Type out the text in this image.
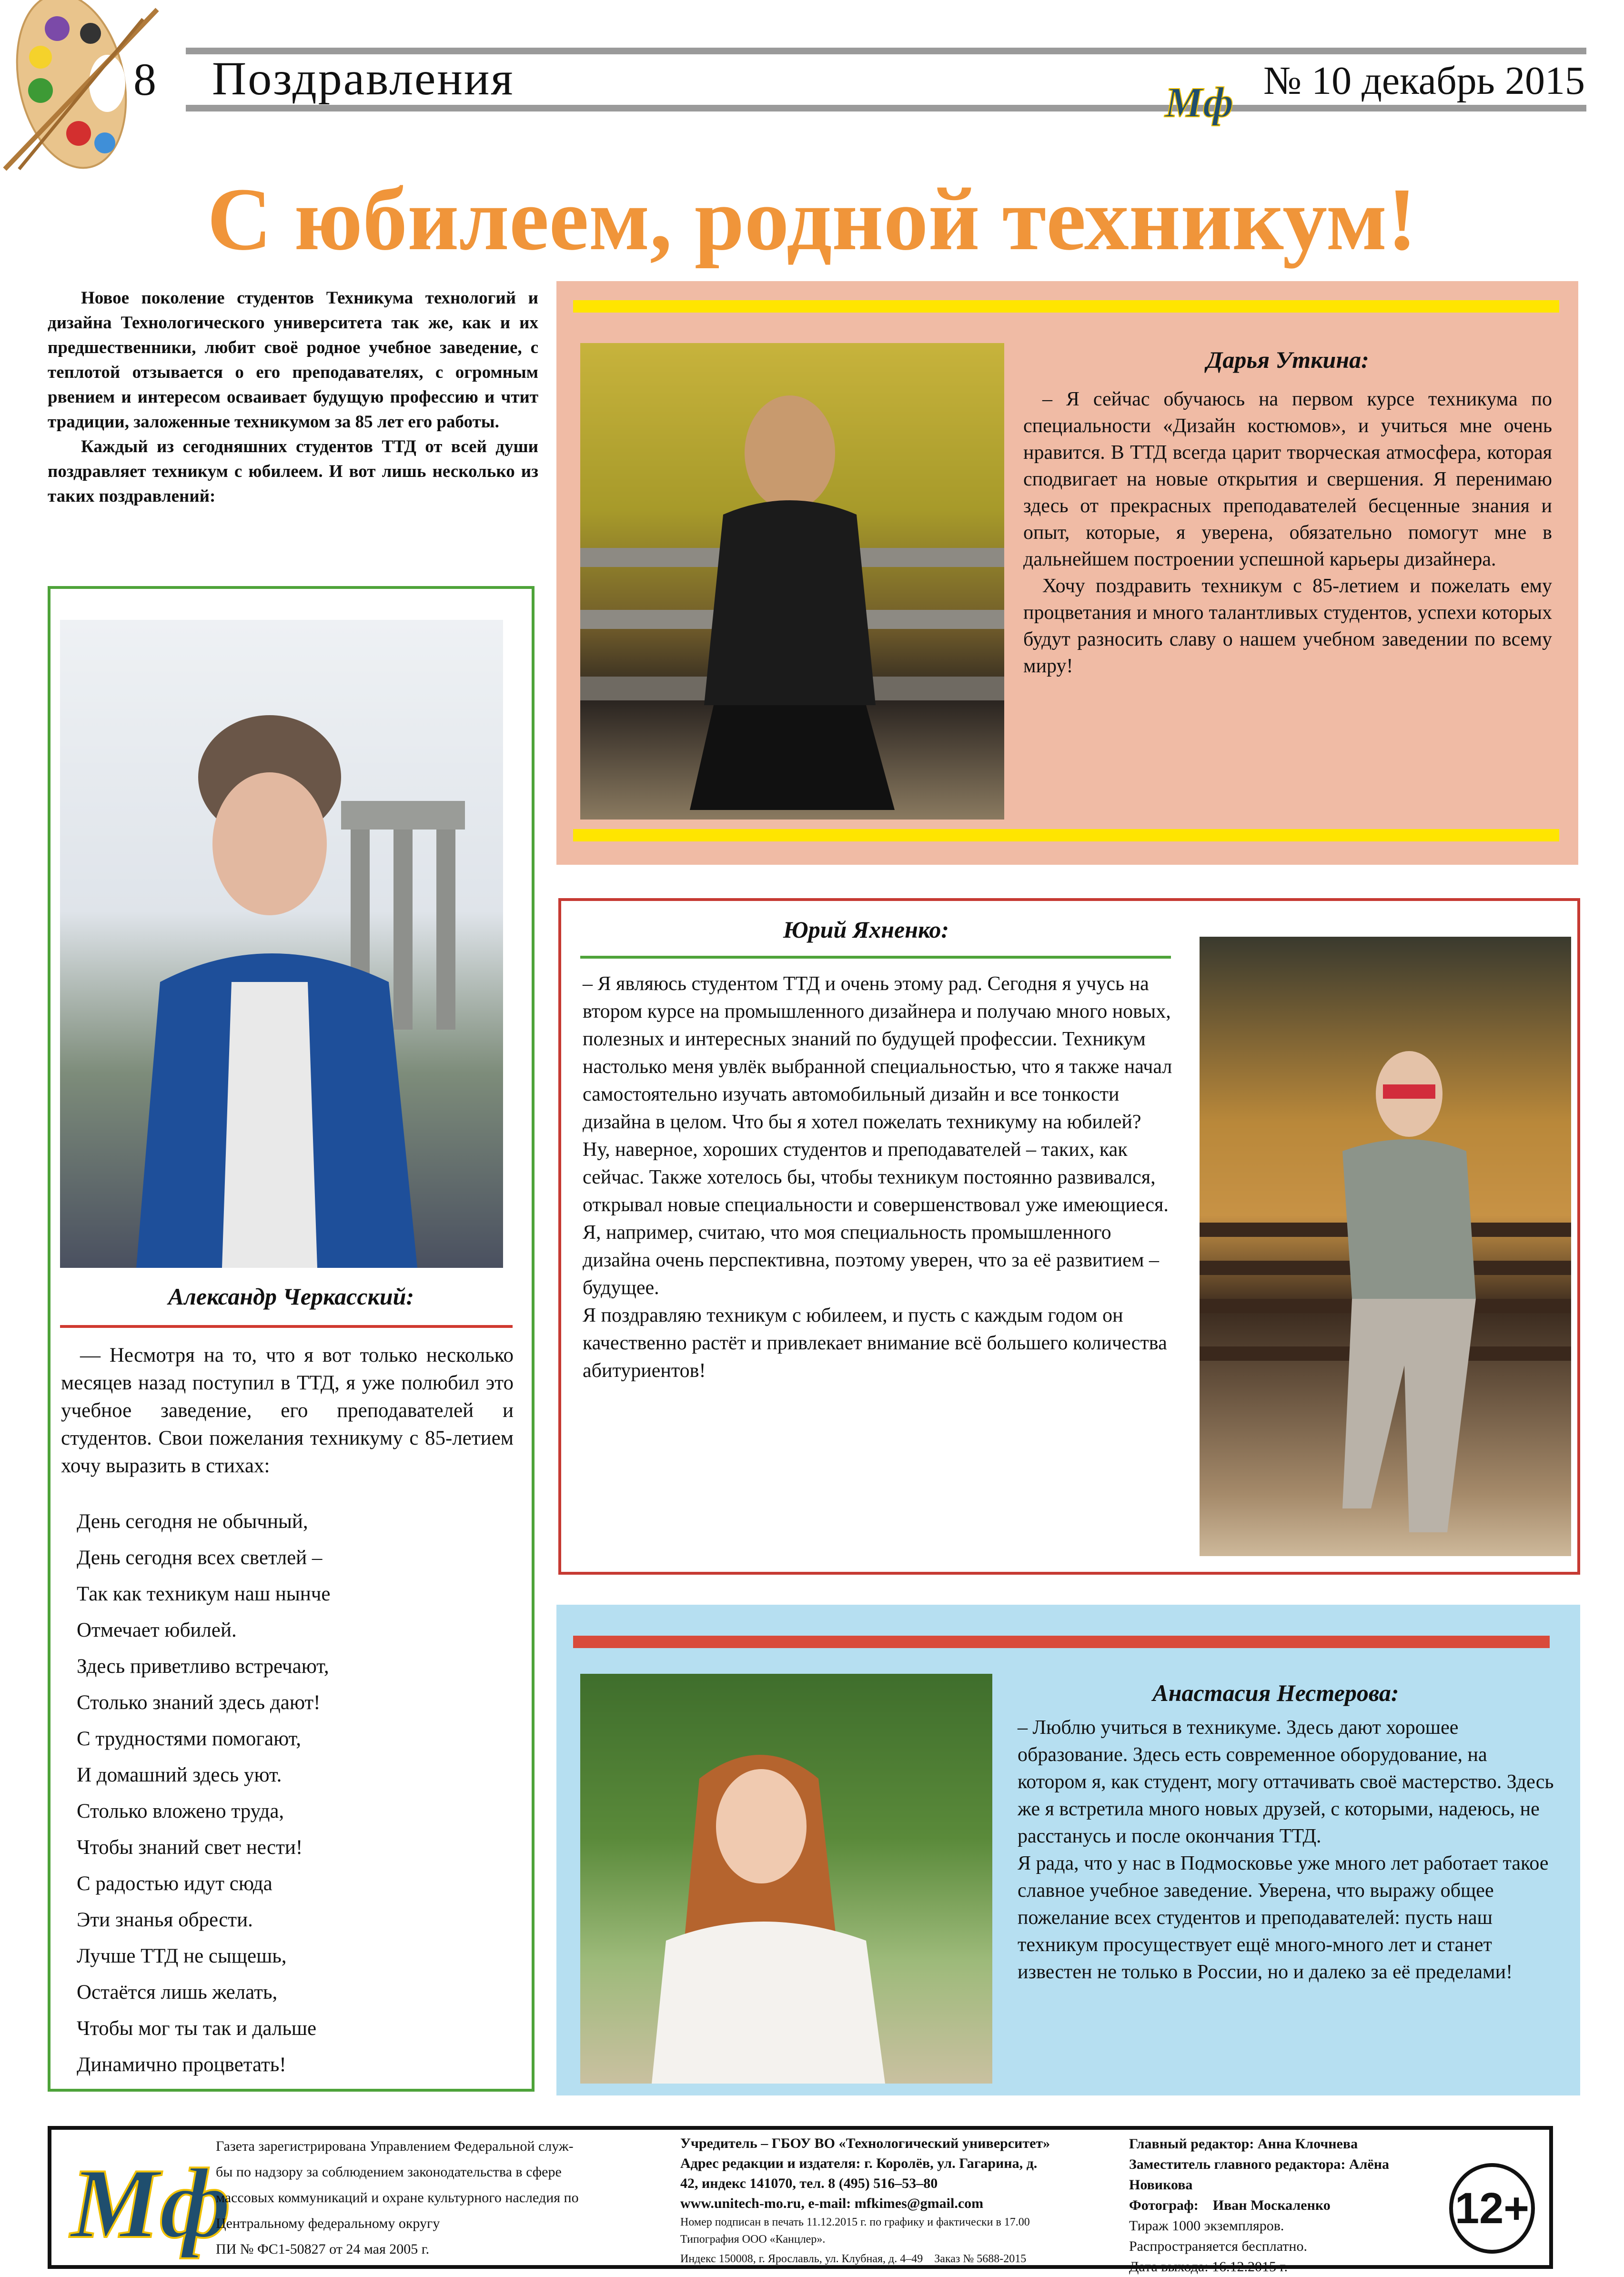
8 Поздравления	Мф № 10 декабрь 2015
С юбилеем, родной техникум!

Новое поколение студентов Техникума технологий и дизайна Технологического университета так же, как и их предшественники, любит своё родное учебное заведение, с теплотой отзывается о его преподавателях, с огромным рвением и интересом осваивает будущую профессию и чтит традиции, заложенные техникумом за 85 лет его работы.

Каждый из сегодняшних студентов ТТД от всей души поздравляет техникум с юбилеем. И вот лишь несколько из таких поздравлений:

Дарья Уткина:

– Я сейчас обучаюсь на первом курсе техникума по специальности «Дизайн костюмов», и учиться мне очень нравится. В ТТД всегда царит творческая атмосфера, которая сподвигает на новые открытия и свершения. Я перенимаю здесь от прекрасных преподавателей бесценные знания и опыт, которые, я уверена, обязательно помогут мне в дальнейшем построении успешной карьеры дизайнера.

Хочу поздравить техникум с 85-летием и пожелать ему процветания и много талантливых студентов, успехи которых будут разносить славу о нашем учебном заведении по всему миру!

Александр Черкасский:

— Несмотря на то, что я вот только несколько месяцев назад поступил в ТТД, я уже полюбил это учебное заведение, его преподавателей и студентов. Свои пожелания техникуму с 85-летием хочу выразить в стихах:

День сегодня не обычный,
День сегодня всех светлей –
Так как техникум наш нынче
Отмечает юбилей.
Здесь приветливо встречают,
Столько знаний здесь дают!
С трудностями помогают,
И домашний здесь уют.
Столько вложено труда,
Чтобы знаний свет нести!
С радостью идут сюда
Эти знанья обрести.
Лучше ТТД не сыщешь,
Остаётся лишь желать,
Чтобы мог ты так и дальше
Динамично процветать!
Юрий Яхненко:

– Я являюсь студентом ТТД и очень этому рад. Сегодня я учусь на втором курсе на промышленного дизайнера и получаю много новых, полезных и интересных знаний по будущей профессии. Техникум настолько меня увлёк выбранной специальностью, что я также начал самостоятельно изучать автомобильный дизайн и все тонкости дизайна в целом. Что бы я хотел пожелать техникуму на юбилей? Ну, наверное, хороших студентов и преподавателей – таких, как сейчас. Также хотелось бы, чтобы техникум постоянно развивался, открывал новые специальности и совершенствовал уже имеющиеся. Я, например, считаю, что моя специальность промышленного дизайна очень перспективна, поэтому уверен, что за её развитием – будущее.

Я поздравляю техникум с юбилеем, и пусть с каждым годом он качественно растёт и привлекает внимание всё большего количества абитуриентов!

Анастасия Нестерова:

– Люблю учиться в техникуме. Здесь дают хорошее образование. Здесь есть современное оборудование, на котором я, как студент, могу оттачивать своё мастерство. Здесь же я встретила много новых друзей, с которыми, надеюсь, не расстанусь и после окончания ТТД.

Я рада, что у нас в Подмосковье уже много лет работает такое славное учебное заведение. Уверена, что выражу общее пожелание всех студентов и преподавателей: пусть наш техникум просуществует ещё много-много лет и станет известен не только в России, но и далеко за её пределами!

Мф
Газета зарегистрирована Управлением Федеральной служ-
бы по надзору за соблюдением законодательства в сфере
массовых коммуникаций и охране культурного наследия по
Центральному федеральному округу
ПИ № ФС1-50827 от 24 мая 2005 г.
Учредитель – ГБОУ ВО «Технологический университет»
Адрес редакции и издателя: г. Королёв, ул. Гагарина, д.
42, индекс 141070, тел. 8 (495) 516–53–80
www.unitech-mo.ru, e-mail: mfkimes@gmail.com
Номер подписан в печать 11.12.2015 г. по графику и фактически в 17.00
Типография ООО «Канцлер».
Индекс 150008, г. Ярославль, ул. Клубная, д. 4–49    Заказ № 5688-2015
Главный редактор: Анна Клочнева
Заместитель главного редактора: Алёна Новикова
Фотограф:    Иван Москаленко
Тираж 1000 экземпляров.
Распространяется бесплатно.
Дата выхода: 16.12.2015 г.
12+
